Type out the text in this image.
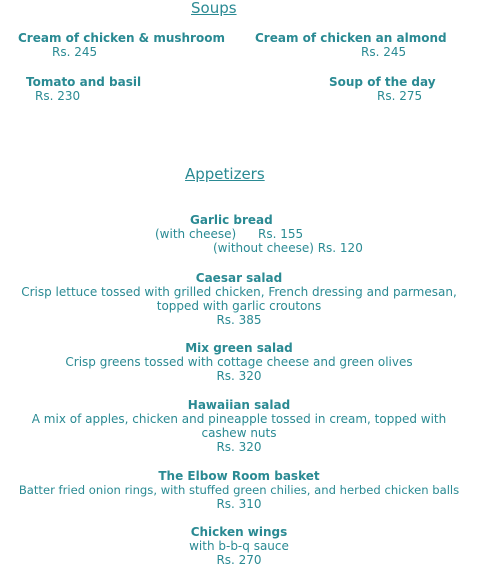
Soups
Cream of chicken & mushroom
Rs. 245
Cream of chicken an almond
Rs. 245
Tomato and basil
Rs. 230
Soup of the day
Rs. 275
Appetizers
Garlic bread
(with cheese) Rs. 155
(without cheese) Rs. 120
Caesar salad
Crisp lettuce tossed with grilled chicken, French dressing and parmesan, topped with garlic croutons
Rs. 385
Mix green salad
Crisp greens tossed with cottage cheese and green olives
Rs. 320
Hawaiian salad
A mix of apples, chicken and pineapple tossed in cream, topped with cashew nuts
Rs. 320
The Elbow Room basket
Batter fried onion rings, with stuffed green chilies, and herbed chicken balls
Rs. 310
Chicken wings
with b-b-q sauce
Rs. 270
